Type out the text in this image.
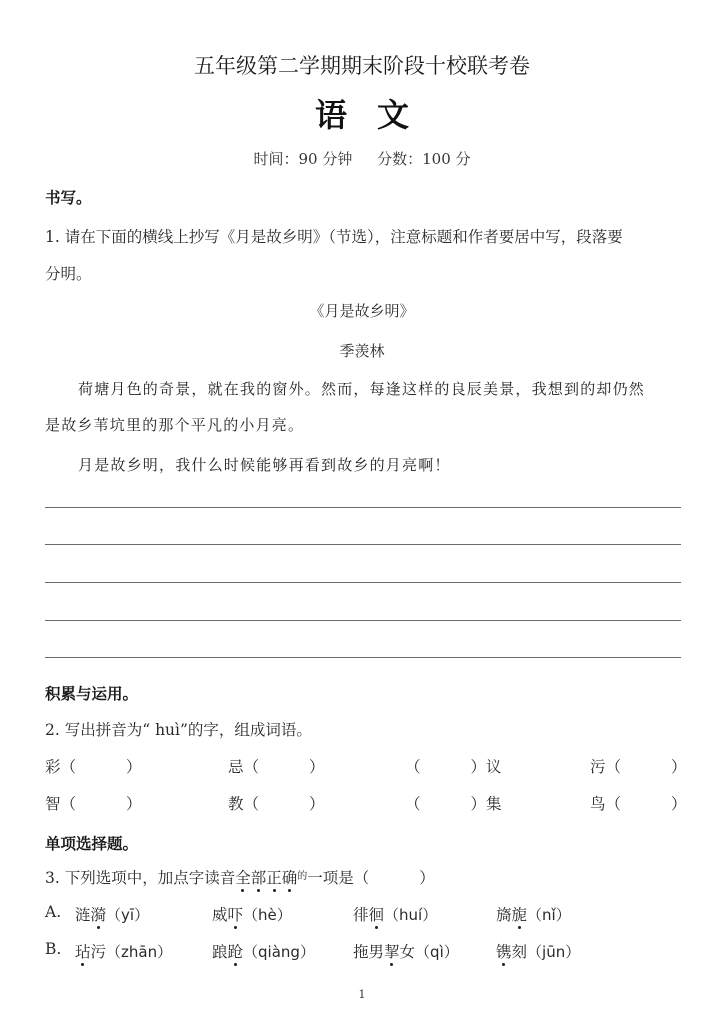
五年级第二学期期末阶段十校联考卷
语文
时间：90 分钟 分数：100 分
书写。
1. 请在下面的横线上抄写《月是故乡明》（节选），注意标题和作者要居中写，段落要
分明。
《月是故乡明》
季羡林
荷塘月色的奇景，就在我的窗外。然而，每逢这样的良辰美景，我想到的却仍然
是故乡苇坑里的那个平凡的小月亮。
月是故乡明，我什么时候能够再看到故乡的月亮啊！
积累与运用。
2. 写出拼音为“ huì”的字，组成词语。
彩（	）	忌（	）	（	）议	污（	）
智（	）	教（	）	（	）集	鸟（	）
单项选择题。
3. 下列选项中，加点字读音全部正确$^的$一项是（	）
A. 涟漪（yī）	威吓（hè）	徘徊（huí）	旖旎（nǐ）
B. 玷污（zhān）	踉跄（qiàng） 拖男挈女（qì） 镌刻（jūn）
1
